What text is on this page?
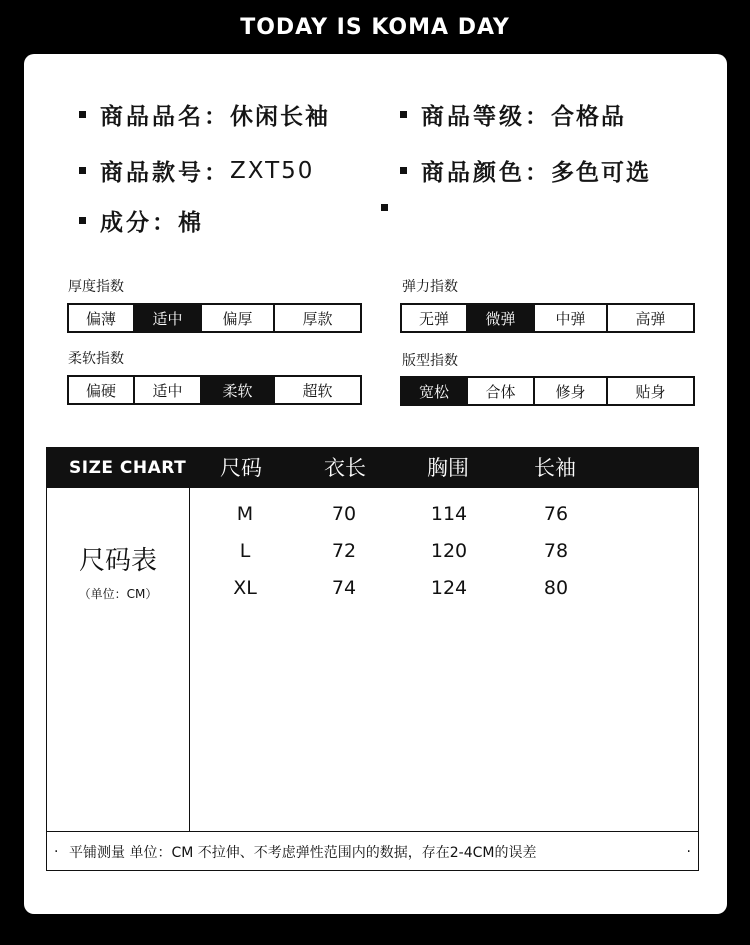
TODAY IS KOMA DAY
商品品名： 休闲长袖	商品等级： 合格品
商品款号： ZXT50	商品颜色： 多色可选
成分： 棉
厚度指数
偏薄	适中	偏厚	厚款
弹力指数
无弹	微弹	中弹	高弹
柔软指数
偏硬	适中	柔软	超软
版型指数
宽松	合体	修身	贴身
SIZE CHART 尺码	衣长	胸围	长袖
尺码表
（单位：CM）
M	70	114	76
L	72	120	78
XL	74	124	80
· 平铺测量 单位：CM 不拉伸、不考虑弹性范围内的数据，存在2-4CM的误差	·
